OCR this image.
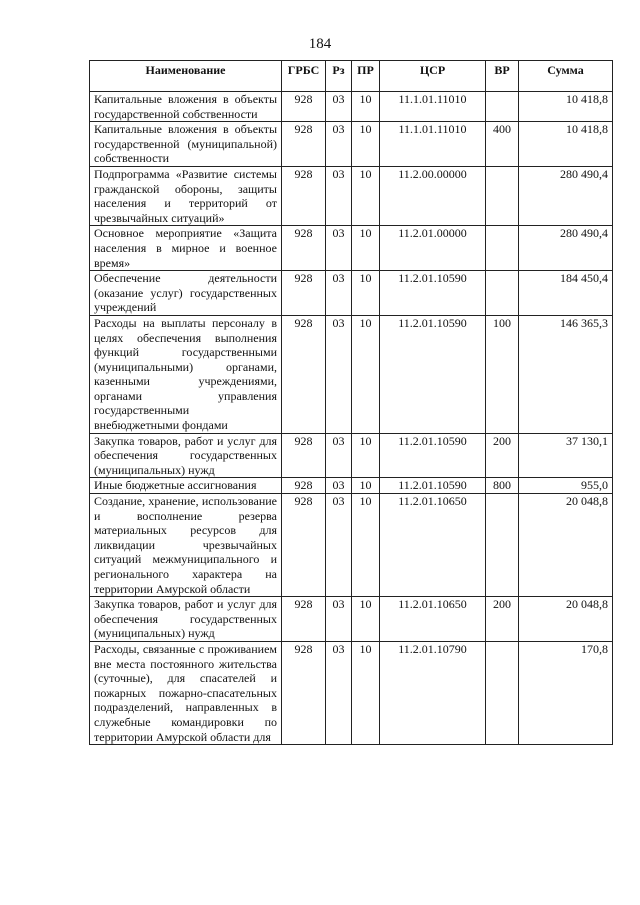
184
Наименование	ГРБС	Рз	ПР	ЦСР	ВР	Сумма
Капитальные вложения в объекты государственной собственности	928	03	10	11.1.01.11010		10 418,8
Капитальные вложения в объекты государственной (муниципальной) собственности	928	03	10	11.1.01.11010	400	10 418,8
Подпрограмма «Развитие системы гражданской обороны, защиты населения и территорий от чрезвычайных ситуаций»	928	03	10	11.2.00.00000		280 490,4
Основное мероприятие «Защита населения в мирное и военное время»	928	03	10	11.2.01.00000		280 490,4
Обеспечение деятельности (оказание услуг) государственных учреждений	928	03	10	11.2.01.10590		184 450,4
Расходы на выплаты персоналу в целях обеспечения выполнения функций государственными (муниципальными) органами, казенными учреждениями, органами управления государственными внебюджетными фондами	928	03	10	11.2.01.10590	100	146 365,3
Закупка товаров, работ и услуг для обеспечения государственных (муниципальных) нужд	928	03	10	11.2.01.10590	200	37 130,1
Иные бюджетные ассигнования	928	03	10	11.2.01.10590	800	955,0
Создание, хранение, использование и восполнение резерва материальных ресурсов для ликвидации чрезвычайных ситуаций межмуниципального и регионального характера на территории Амурской области	928	03	10	11.2.01.10650		20 048,8
Закупка товаров, работ и услуг для обеспечения государственных (муниципальных) нужд	928	03	10	11.2.01.10650	200	20 048,8
Расходы, связанные с проживанием вне места постоянного жительства (суточные), для спасателей и пожарных пожарно-спасательных подразделений, направленных в служебные командировки по территории Амурской области для	928	03	10	11.2.01.10790		170,8
